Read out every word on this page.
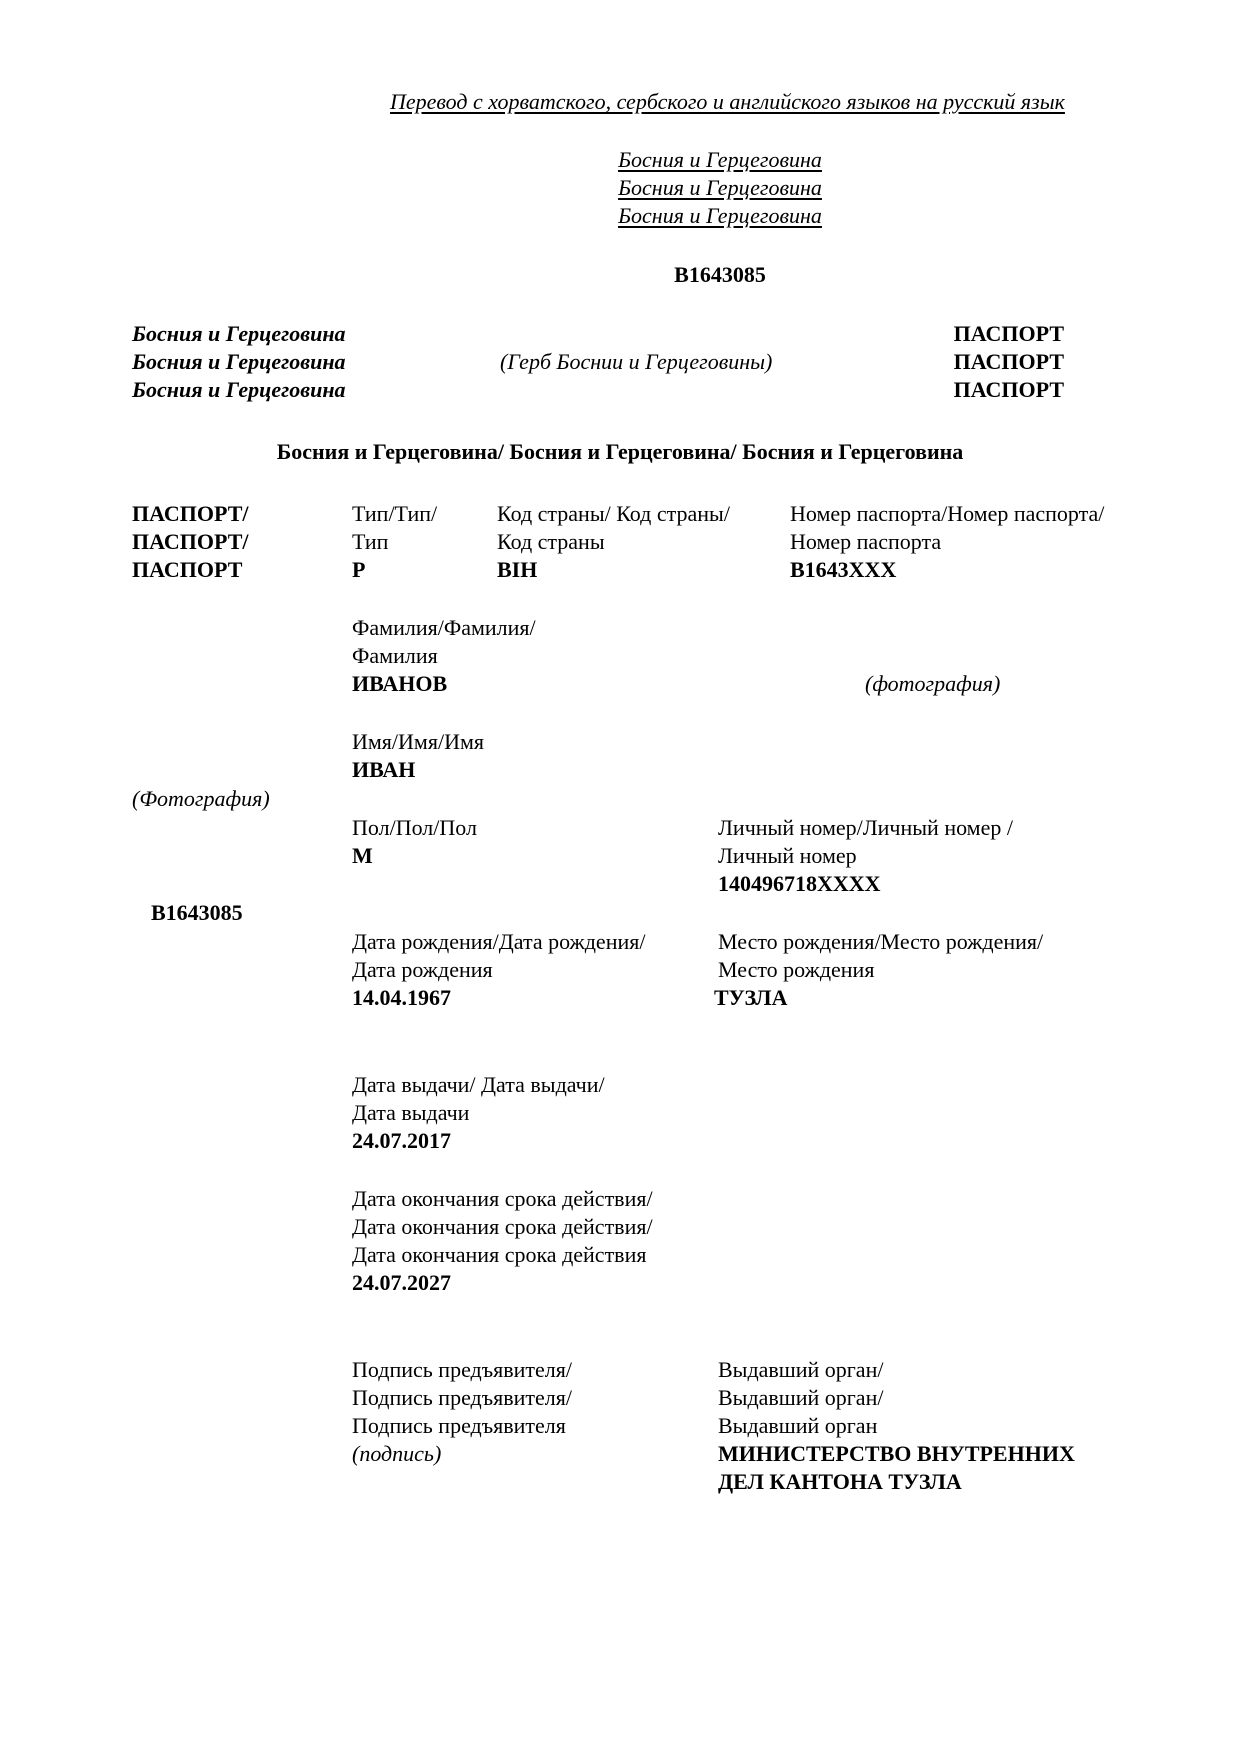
Перевод с хорватского, сербского и английского языков на русский язык
Босния и Герцеговина
Босния и Герцеговина
Босния и Герцеговина
B1643085
Босния и Герцеговина
Босния и Герцеговина
Босния и Герцеговина
(Герб Боснии и Герцеговины)
ПАСПОРТ
ПАСПОРТ
ПАСПОРТ
Босния и Герцеговина/ Босния и Герцеговина/ Босния и Герцеговина
ПАСПОРТ/
ПАСПОРТ/
ПАСПОРТ
Тип/Тип/
Тип
P
Код страны/ Код страны/
Код страны
BIH
Номер паспорта/Номер паспорта/
Номер паспорта
B1643XXX
Фамилия/Фамилия/
Фамилия
ИВАНОВ	(фотография)
Имя/Имя/Имя
ИВАН
(Фотография)
Пол/Пол/Пол
M
Личный номер/Личный номер /
Личный номер
140496718XXXX
B1643085
Дата рождения/Дата рождения/
Дата рождения
14.04.1967
Место рождения/Место рождения/
Место рождения
ТУЗЛА
Дата выдачи/ Дата выдачи/
Дата выдачи
24.07.2017
Дата окончания срока действия/
Дата окончания срока действия/
Дата окончания срока действия
24.07.2027
Подпись предъявителя/
Подпись предъявителя/
Подпись предъявителя
(подпись)
Выдавший орган/
Выдавший орган/
Выдавший орган
МИНИСТЕРСТВО ВНУТРЕННИХ
ДЕЛ КАНТОНА ТУЗЛА
